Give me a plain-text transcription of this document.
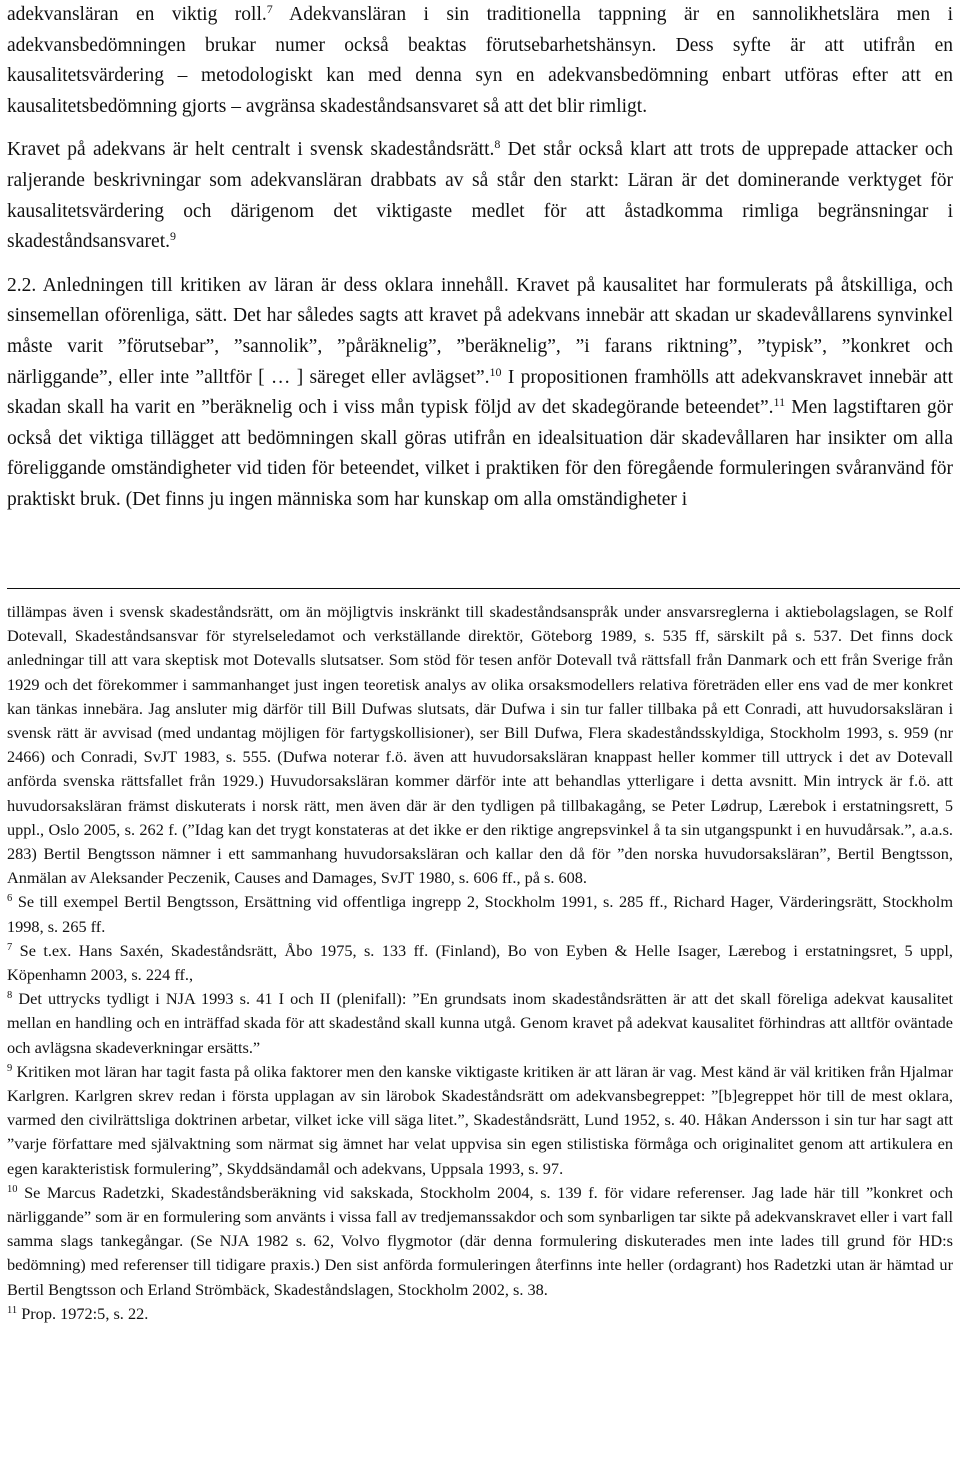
adekvansläran en viktig roll.$^7$ Adekvansläran i sin traditionella tappning är en sannolikhetslära men i adekvansbedömningen brukar numer också beaktas förutsebarhetshänsyn. Dess syfte är att utifrån en kausalitetsvärdering – metodologiskt kan med denna syn en adekvansbedömning enbart utföras efter att en kausalitetsbedömning gjorts – avgränsa skadeståndsansvaret så att det blir rimligt.

Kravet på adekvans är helt centralt i svensk skadeståndsrätt.$^8$ Det står också klart att trots de upprepade attacker och raljerande beskrivningar som adekvansläran drabbats av så står den starkt: Läran är det dominerande verktyget för kausalitetsvärdering och därigenom det viktigaste medlet för att åstadkomma rimliga begränsningar i skadeståndsansvaret.$^9$

2.2. Anledningen till kritiken av läran är dess oklara innehåll. Kravet på kausalitet har formulerats på åtskilliga, och sinsemellan oförenliga, sätt. Det har således sagts att kravet på adekvans innebär att skadan ur skadevållarens synvinkel måste varit ”förutsebar”, ”sannolik”, ”påräknelig”, ”beräknelig”, ”i farans riktning”, ”typisk”, ”konkret och närliggande”, eller inte ”alltför [ … ] säreget eller avlägset”.$^{10}$ I propositionen framhölls att adekvanskravet innebär att skadan skall ha varit en ”beräknelig och i viss mån typisk följd av det skadegörande beteendet”.$^{11}$ Men lagstiftaren gör också det viktiga tillägget att bedömningen skall göras utifrån en idealsituation där skadevållaren har insikter om alla föreliggande omständigheter vid tiden för beteendet, vilket i praktiken för den föregående formuleringen svåranvänd för praktiskt bruk. (Det finns ju ingen människa som har kunskap om alla omständigheter i

tillämpas även i svensk skadeståndsrätt, om än möjligtvis inskränkt till skadeståndsanspråk under ansvarsreglerna i aktiebolagslagen, se Rolf Dotevall, Skadeståndsansvar för styrelseledamot och verkställande direktör, Göteborg 1989, s. 535 ff, särskilt på s. 537. Det finns dock anledningar till att vara skeptisk mot Dotevalls slutsatser. Som stöd för tesen anför Dotevall två rättsfall från Danmark och ett från Sverige från 1929 och det förekommer i sammanhanget just ingen teoretisk analys av olika orsaksmodellers relativa företräden eller ens vad de mer konkret kan tänkas innebära. Jag ansluter mig därför till Bill Dufwas slutsats, där Dufwa i sin tur faller tillbaka på ett Conradi, att huvudorsaksläran i svensk rätt är avvisad (med undantag möjligen för fartygskollisioner), ser Bill Dufwa, Flera skadeståndsskyldiga, Stockholm 1993, s. 959 (nr 2466) och Conradi, SvJT 1983, s. 555. (Dufwa noterar f.ö. även att huvudorsaksläran knappast heller kommer till uttryck i det av Dotevall anförda svenska rättsfallet från 1929.) Huvudorsaksläran kommer därför inte att behandlas ytterligare i detta avsnitt. Min intryck är f.ö. att huvudorsaksläran främst diskuterats i norsk rätt, men även där är den tydligen på tillbakagång, se Peter Lødrup, Lærebok i erstatningsrett, 5 uppl., Oslo 2005, s. 262 f. (”Idag kan det trygt konstateras at det ikke er den riktige angrepsvinkel å ta sin utgangspunkt i en huvudårsak.”, a.a.s. 283) Bertil Bengtsson nämner i ett sammanhang huvudorsaksläran och kallar den då för ”den norska huvudorsaksläran”, Bertil Bengtsson, Anmälan av Aleksander Peczenik, Causes and Damages, SvJT 1980, s. 606 ff., på s. 608.

$^6$ Se till exempel Bertil Bengtsson, Ersättning vid offentliga ingrepp 2, Stockholm 1991, s. 285 ff., Richard Hager, Värderingsrätt, Stockholm 1998, s. 265 ff.

$^7$ Se t.ex. Hans Saxén, Skadeståndsrätt, Åbo 1975, s. 133 ff. (Finland), Bo von Eyben & Helle Isager, Lærebog i erstatningsret, 5 uppl, Köpenhamn 2003, s. 224 ff.,

$^8$ Det uttrycks tydligt i NJA 1993 s. 41 I och II (plenifall): ”En grundsats inom skadeståndsrätten är att det skall föreliga adekvat kausalitet mellan en handling och en inträffad skada för att skadestånd skall kunna utgå. Genom kravet på adekvat kausalitet förhindras att alltför oväntade och avlägsna skadeverkningar ersätts.”

$^9$ Kritiken mot läran har tagit fasta på olika faktorer men den kanske viktigaste kritiken är att läran är vag. Mest känd är väl kritiken från Hjalmar Karlgren. Karlgren skrev redan i första upplagan av sin lärobok Skadeståndsrätt om adekvansbegreppet: ”[b]egreppet hör till de mest oklara, varmed den civilrättsliga doktrinen arbetar, vilket icke vill säga litet.”, Skadeståndsrätt, Lund 1952, s. 40. Håkan Andersson i sin tur har sagt att ”varje författare med självaktning som närmat sig ämnet har velat uppvisa sin egen stilistiska förmåga och originalitet genom att artikulera en egen karakteristisk formulering”, Skyddsändamål och adekvans, Uppsala 1993, s. 97.

$^{10}$ Se Marcus Radetzki, Skadeståndsberäkning vid sakskada, Stockholm 2004, s. 139 f. för vidare referenser. Jag lade här till ”konkret och närliggande” som är en formulering som använts i vissa fall av tredjemanssakdor och som synbarligen tar sikte på adekvanskravet eller i vart fall samma slags tankegångar. (Se NJA 1982 s. 62, Volvo flygmotor (där denna formulering diskuterades men inte lades till grund för HD:s bedömning) med referenser till tidigare praxis.) Den sist anförda formuleringen återfinns inte heller (ordagrant) hos Radetzki utan är hämtad ur Bertil Bengtsson och Erland Strömbäck, Skadeståndslagen, Stockholm 2002, s. 38.

$^{11}$ Prop. 1972:5, s. 22.
